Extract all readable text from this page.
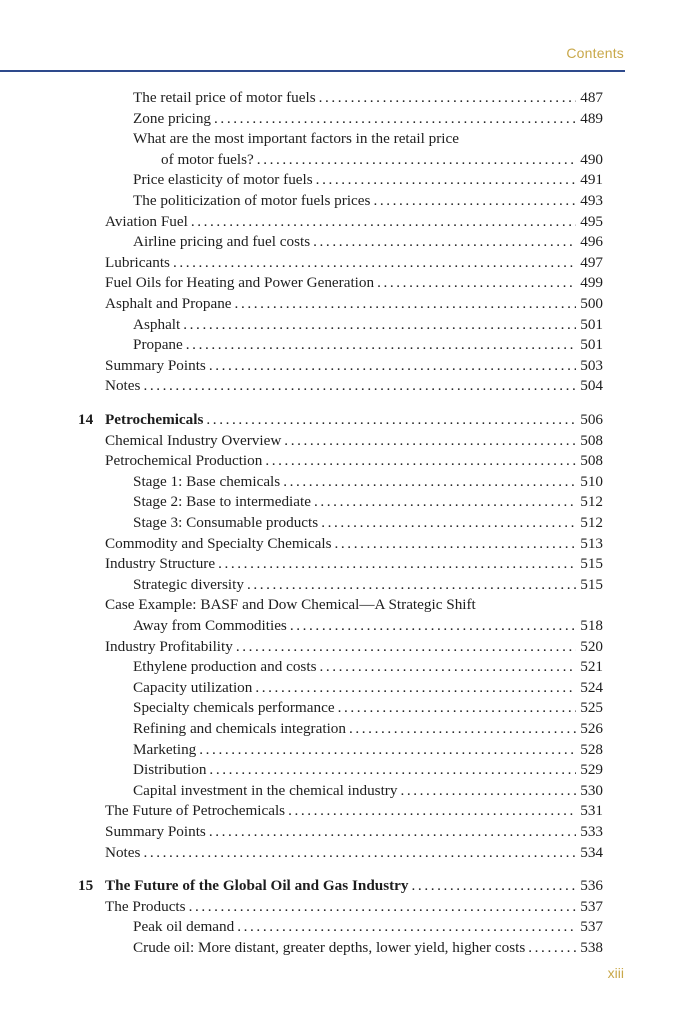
Contents
The retail price of motor fuels .....	487
Zone pricing .....	489
What are the most important factors in the retail price
of motor fuels? .....	490
Price elasticity of motor fuels .....	491
The politicization of motor fuels prices .....	493
Aviation Fuel .....	495
Airline pricing and fuel costs .....	496
Lubricants .....	497
Fuel Oils for Heating and Power Generation .....	499
Asphalt and Propane .....	500
Asphalt .....	501
Propane .....	501
Summary Points .....	503
Notes .....	504
14 Petrochemicals .....	506
Chemical Industry Overview .....	508
Petrochemical Production .....	508
Stage 1: Base chemicals .....	510
Stage 2: Base to intermediate .....	512
Stage 3: Consumable products .....	512
Commodity and Specialty Chemicals .....	513
Industry Structure .....	515
Strategic diversity .....	515
Case Example: BASF and Dow Chemical—A Strategic Shift
Away from Commodities .....	518
Industry Profitability .....	520
Ethylene production and costs .....	521
Capacity utilization .....	524
Specialty chemicals performance .....	525
Refining and chemicals integration .....	526
Marketing .....	528
Distribution .....	529
Capital investment in the chemical industry .....	530
The Future of Petrochemicals .....	531
Summary Points .....	533
Notes .....	534
15 The Future of the Global Oil and Gas Industry .....	536
The Products .....	537
Peak oil demand .....	537
Crude oil: More distant, greater depths, lower yield, higher costs .....	538
xiii
